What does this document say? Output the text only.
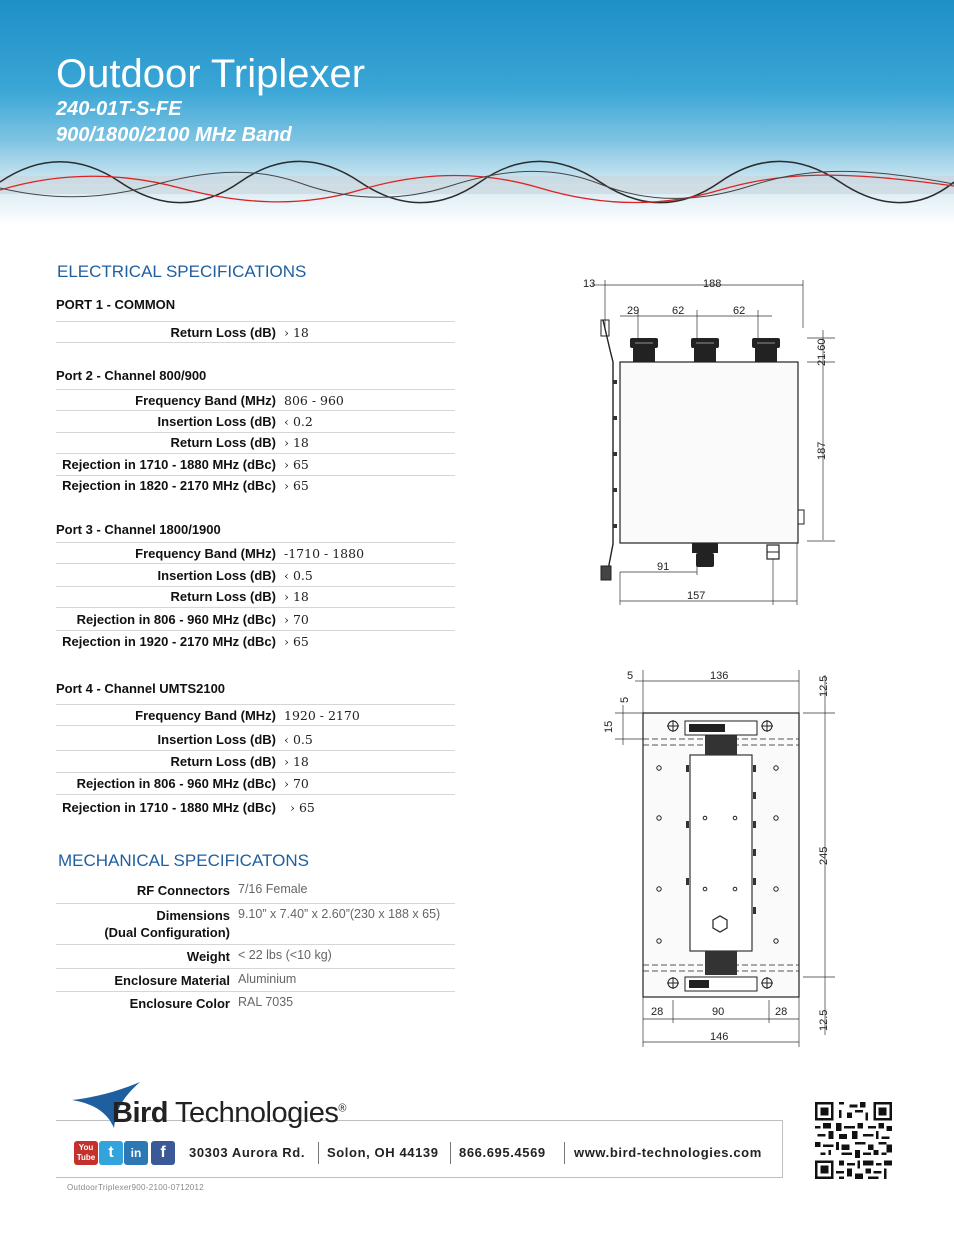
Outdoor Triplexer
240-01T-S-FE
900/1800/2100 MHz Band
ELECTRICAL SPECIFICATIONS
PORT 1 - COMMON
Return Loss (dB) › 18
Port 2 - Channel 800/900
Frequency Band (MHz) 806 - 960
Insertion Loss (dB) ‹ 0.2
Return Loss (dB) › 18
Rejection in 1710 - 1880 MHz (dBc) › 65
Rejection in 1820 - 2170 MHz (dBc) › 65
Port 3 - Channel 1800/1900
Frequency Band (MHz) -1710 - 1880
Insertion Loss (dB) ‹ 0.5
Return Loss (dB) › 18
Rejection in 806 - 960 MHz (dBc) › 70
Rejection in 1920 - 2170 MHz (dBc) › 65
Port 4 - Channel UMTS2100
Frequency Band (MHz) 1920 - 2170
Insertion Loss (dB) ‹ 0.5
Return Loss (dB) › 18
Rejection in 806 - 960 MHz (dBc) › 70
Rejection in 1710 - 1880 MHz (dBc) › 65
MECHANICAL SPECIFICATONS
RF Connectors 7/16 Female
Dimensions
(Dual Configuration)
9.10” x 7.40” x 2.60”(230 x 188 x 65)
Weight < 22 lbs (<10 kg)
Enclosure Material Aluminium
Enclosure Color RAL 7035
13	188
29	62	62
21.60
187
91
157
5	136	12.5
5
15
245
28	90	28
146
12.5
Bird Technologies®
You Tube t	in	f	30303 Aurora Rd. Solon, OH 44139 866.695.4569 www.bird-technologies.com
OutdoorTriplexer900-2100-0712012
